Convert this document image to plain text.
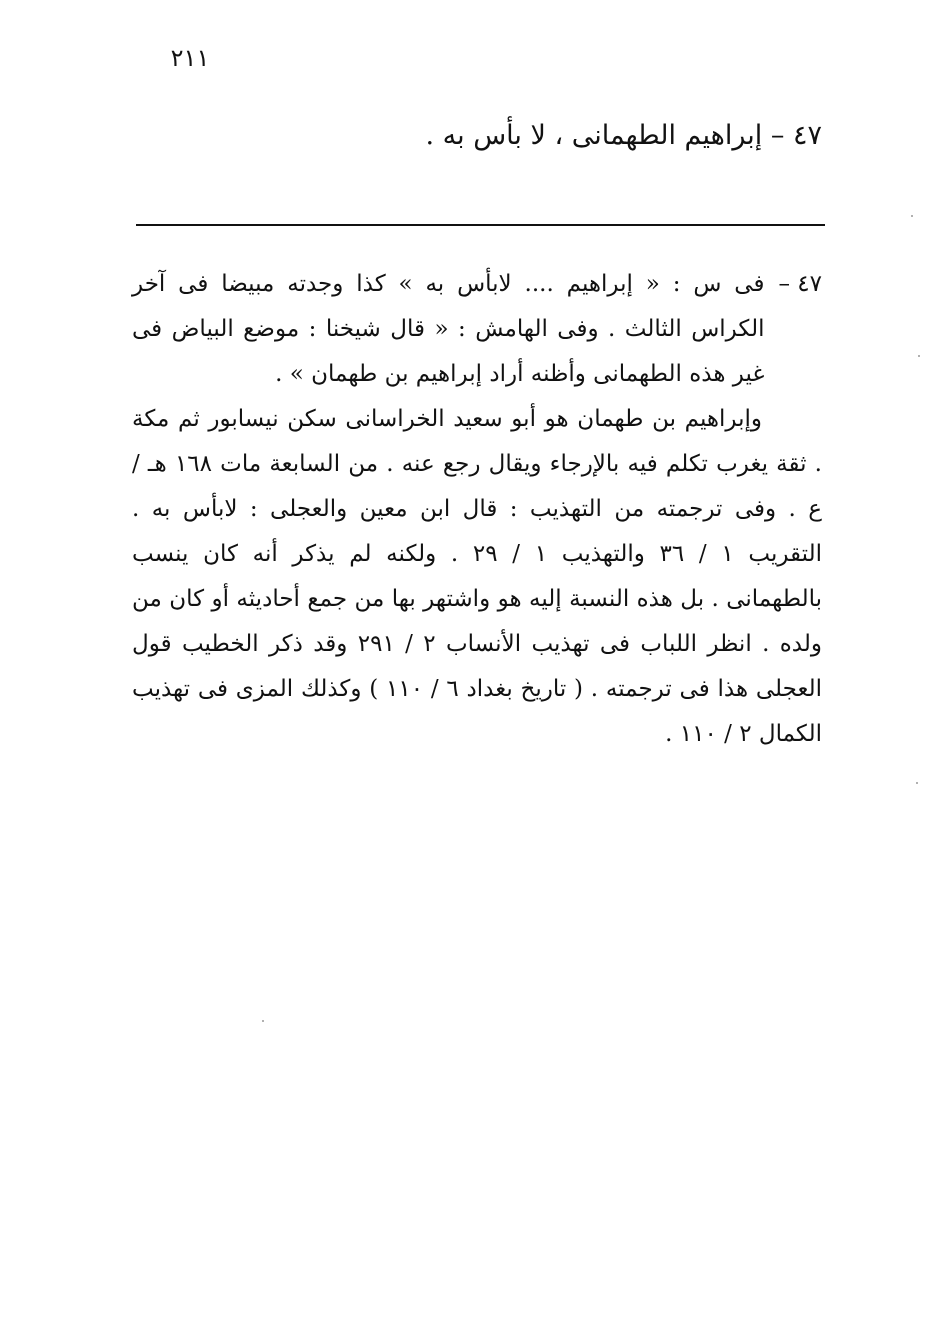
٢١١
٤٧ – إبراهيم الطهمانى ، لا بأس به .
٤٧ –
فى س : « إبراهيم .... لابأس به » كذا وجدته مبيضا فى آخر الكراس الثالث . وفى الهامش : « قال شيخنا : موضع البياض فى غير هذه الطهمانى وأظنه أراد إبراهيم بن طهمان » .

وإبراهيم بن طهمان هو أبو سعيد الخراسانى سكن نيسابور ثم مكة . ثقة يغرب تكلم فيه بالإرجاء ويقال رجع عنه . من السابعة مات ١٦٨ هـ / ع . وفى ترجمته من التهذيب : قال ابن معين والعجلى : لابأس به . التقريب ١ / ٣٦ والتهذيب ١ / ٢٩ . ولكنه لم يذكر أنه كان ينسب بالطهمانى . بل هذه النسبة إليه هو واشتهر بها من جمع أحاديثه أو كان من ولده . انظر اللباب فى تهذيب الأنساب ٢ / ٢٩١ وقد ذكر الخطيب قول العجلى هذا فى ترجمته . ( تاريخ بغداد ٦ / ١١٠ ) وكذلك المزى فى تهذيب الكمال ٢ / ١١٠ .
